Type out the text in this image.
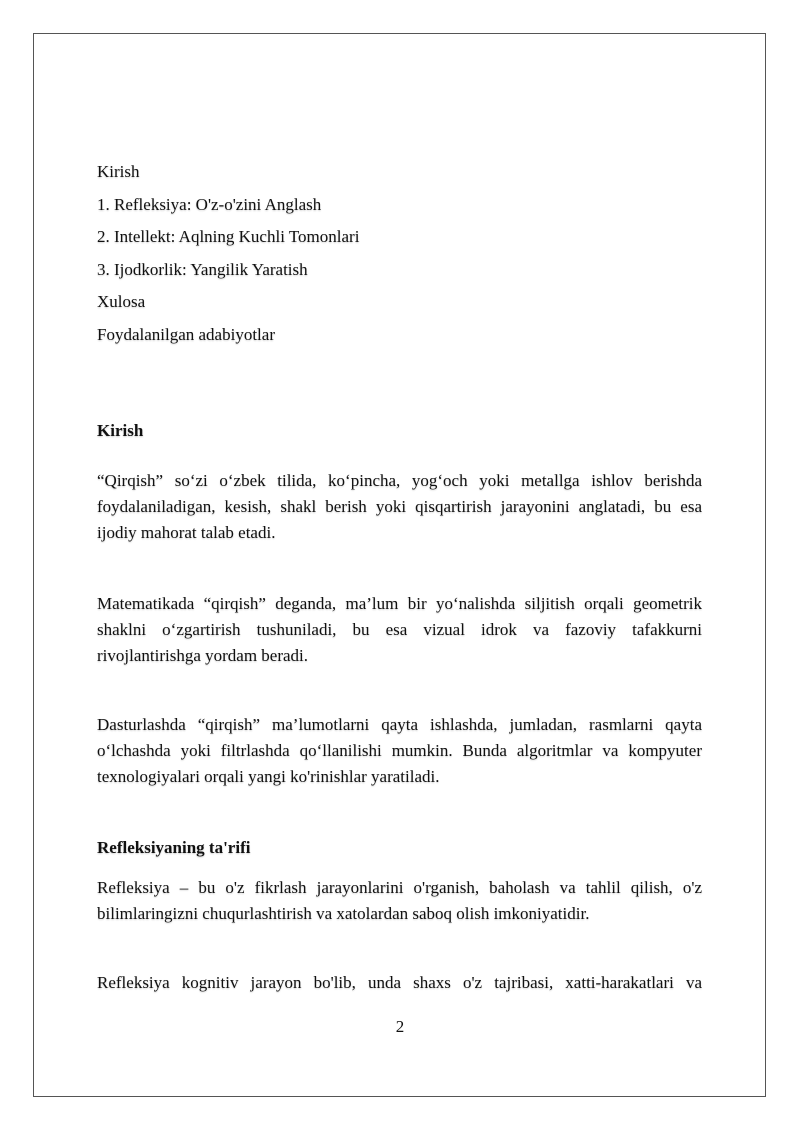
Kirish
1. Refleksiya: O'z-o'zini Anglash
2. Intellekt: Aqlning Kuchli Tomonlari
3. Ijodkorlik: Yangilik Yaratish
Xulosa
Foydalanilgan adabiyotlar
Kirish
“Qirqish” so‘zi o‘zbek tilida, ko‘pincha, yog‘och yoki metallga ishlov berishda foydalaniladigan, kesish, shakl berish yoki qisqartirish jarayonini anglatadi, bu esa ijodiy mahorat talab etadi.
Matematikada “qirqish” deganda, ma’lum bir yo‘nalishda siljitish orqali geometrik shaklni o‘zgartirish tushuniladi, bu esa vizual idrok va fazoviy tafakkurni rivojlantirishga yordam beradi.
Dasturlashda “qirqish” ma’lumotlarni qayta ishlashda, jumladan, rasmlarni qayta o‘lchashda yoki filtrlashda qo‘llanilishi mumkin. Bunda algoritmlar va kompyuter texnologiyalari orqali yangi ko'rinishlar yaratiladi.
Refleksiyaning ta'rifi
Refleksiya – bu o'z fikrlash jarayonlarini o'rganish, baholash va tahlil qilish, o'z bilimlaringizni chuqurlashtirish va xatolardan saboq olish imkoniyatidir.
Refleksiya kognitiv jarayon bo'lib, unda shaxs o'z tajribasi, xatti-harakatlari va
2
